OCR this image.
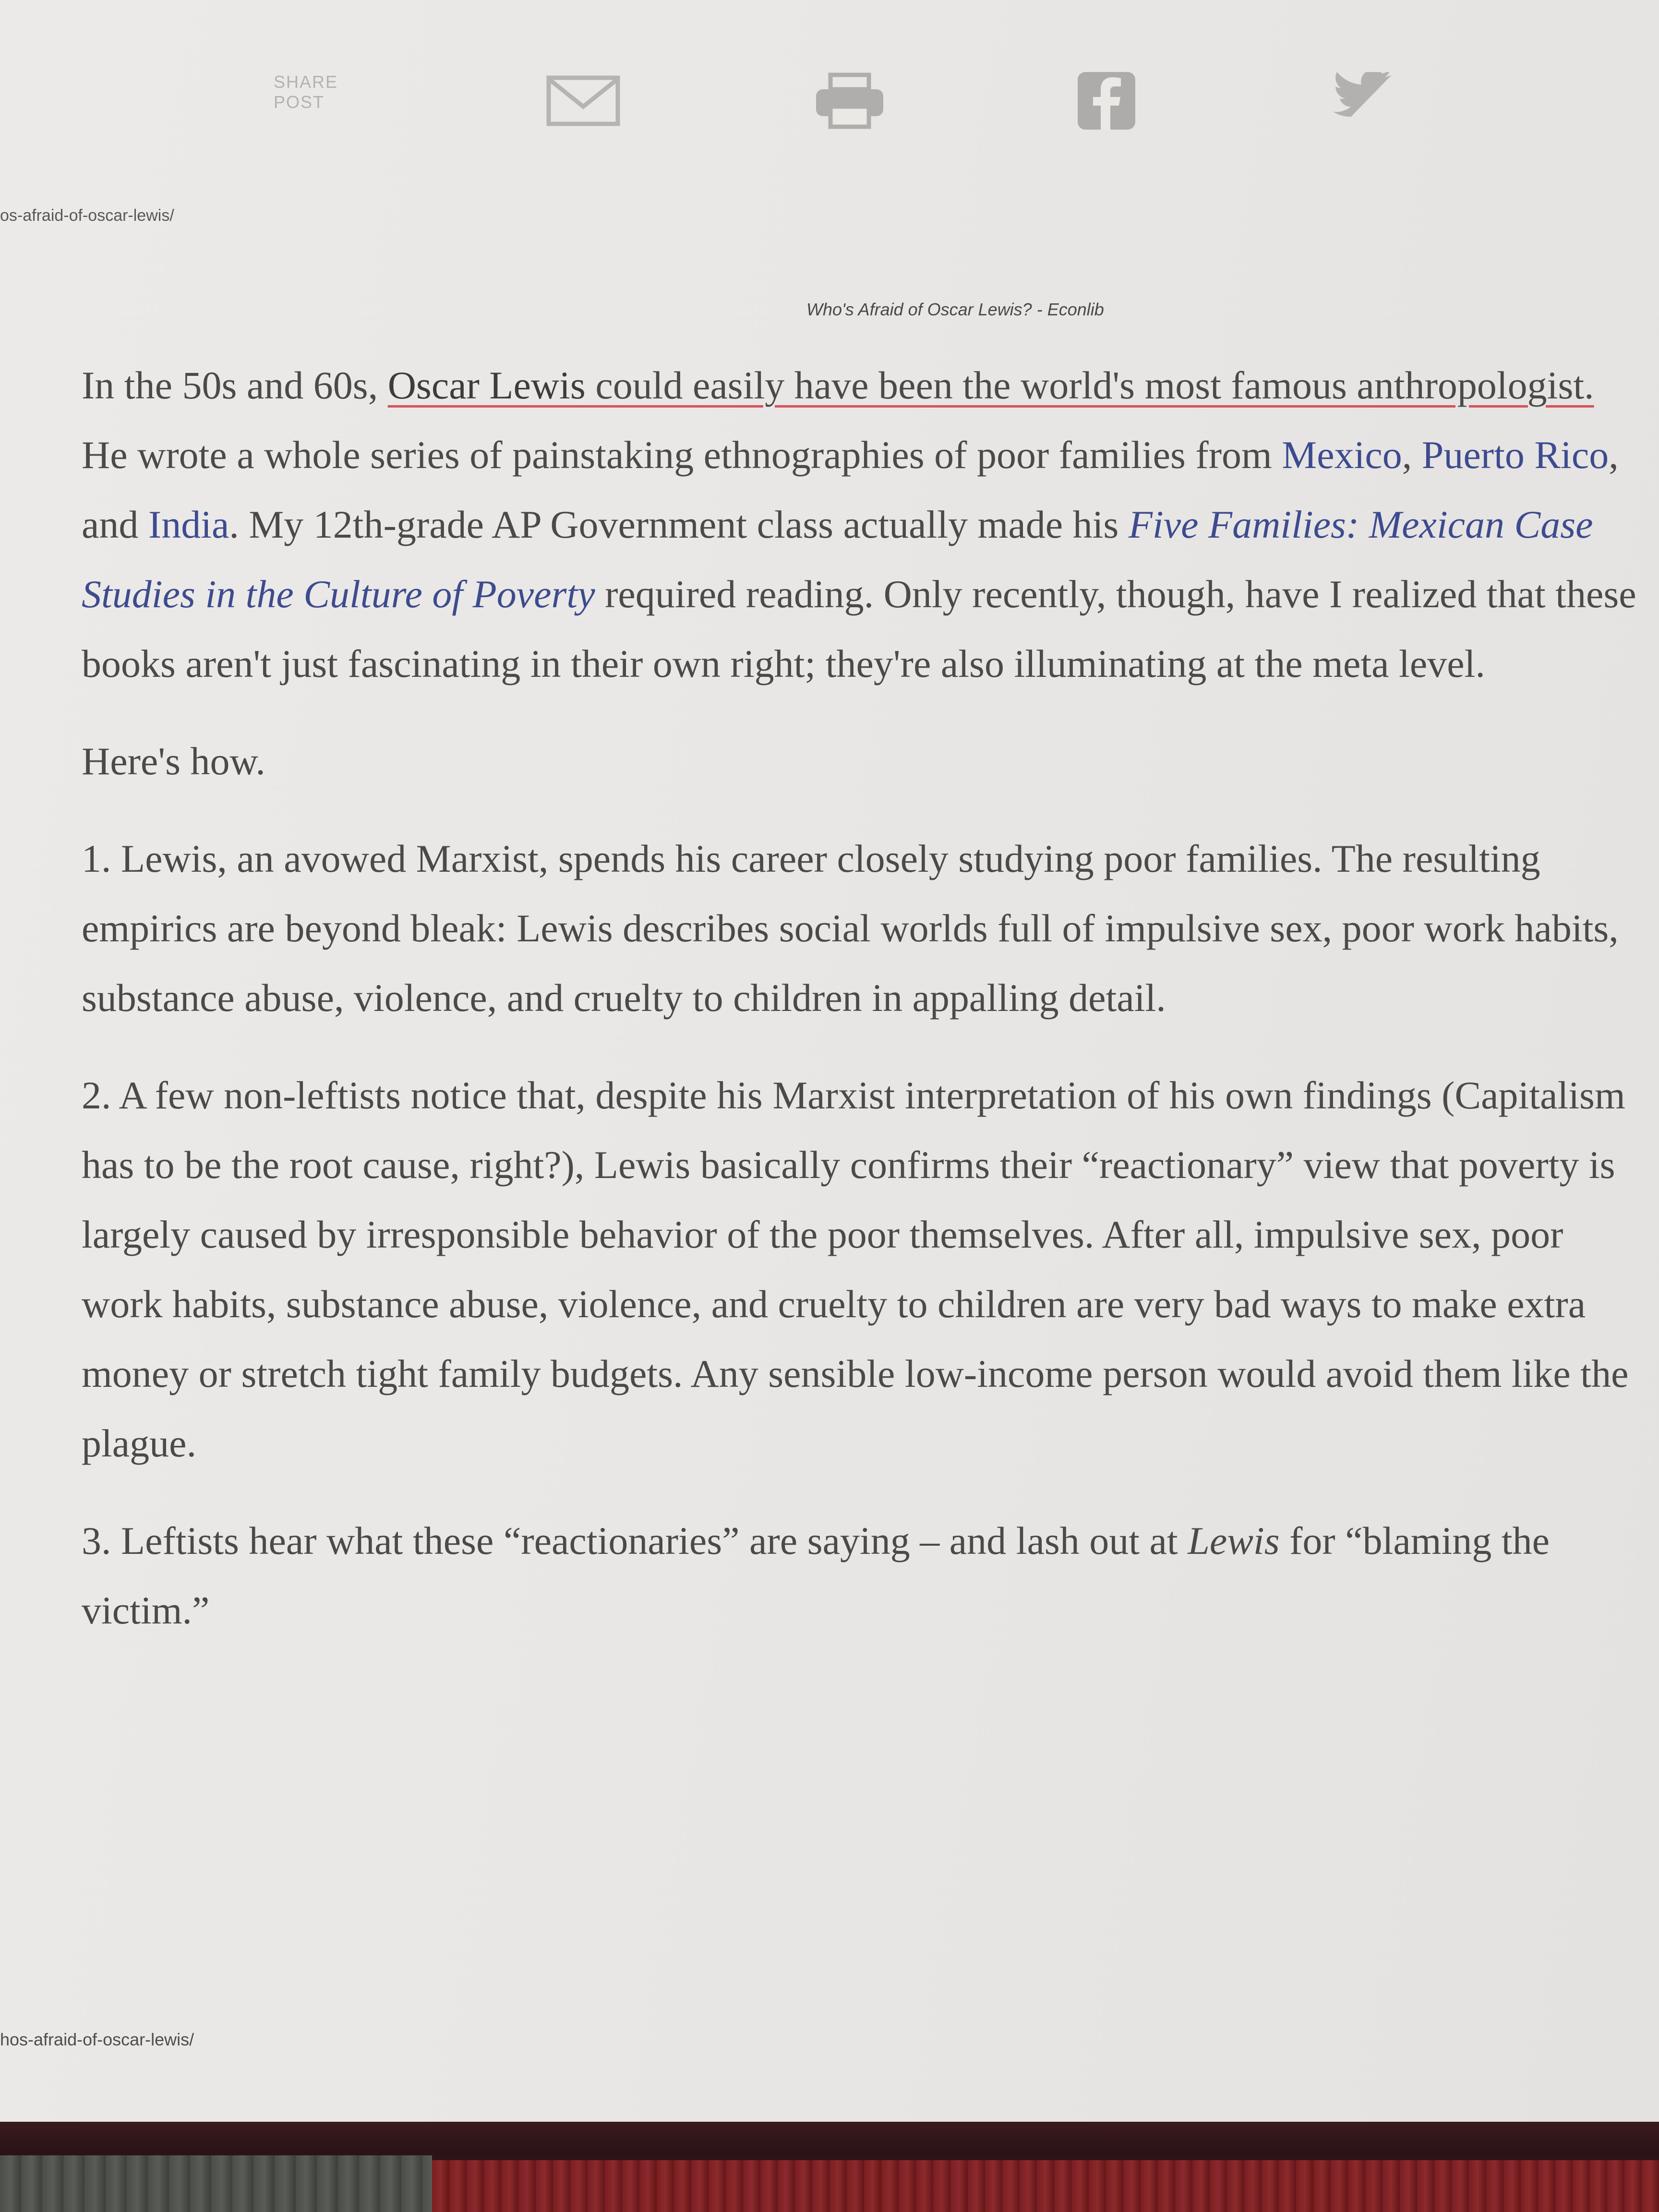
SHARE
POST
os-afraid-of-oscar-lewis/
Who's Afraid of Oscar Lewis? - Econlib

In the 50s and 60s, Oscar Lewis could easily have been the world's most famous anthropologist. He wrote a whole series of painstaking ethnographies of poor families from Mexico, Puerto Rico, and India. My 12th-grade AP Government class actually made his Five Families: Mexican Case Studies in the Culture of Poverty required reading. Only recently, though, have I realized that these books aren't just fascinating in their own right; they're also illuminating at the meta level.

Here's how.

1. Lewis, an avowed Marxist, spends his career closely studying poor families. The resulting empirics are beyond bleak: Lewis describes social worlds full of impulsive sex, poor work habits, substance abuse, violence, and cruelty to children in appalling detail.

2. A few non-leftists notice that, despite his Marxist interpretation of his own findings (Capitalism has to be the root cause, right?), Lewis basically confirms their “reactionary” view that poverty is largely caused by irresponsible behavior of the poor themselves. After all, impulsive sex, poor work habits, substance abuse, violence, and cruelty to children are very bad ways to make extra money or stretch tight family budgets. Any sensible low-income person would avoid them like the plague.

3. Leftists hear what these “reactionaries” are saying – and lash out at Lewis for “blaming the victim.”

hos-afraid-of-oscar-lewis/
